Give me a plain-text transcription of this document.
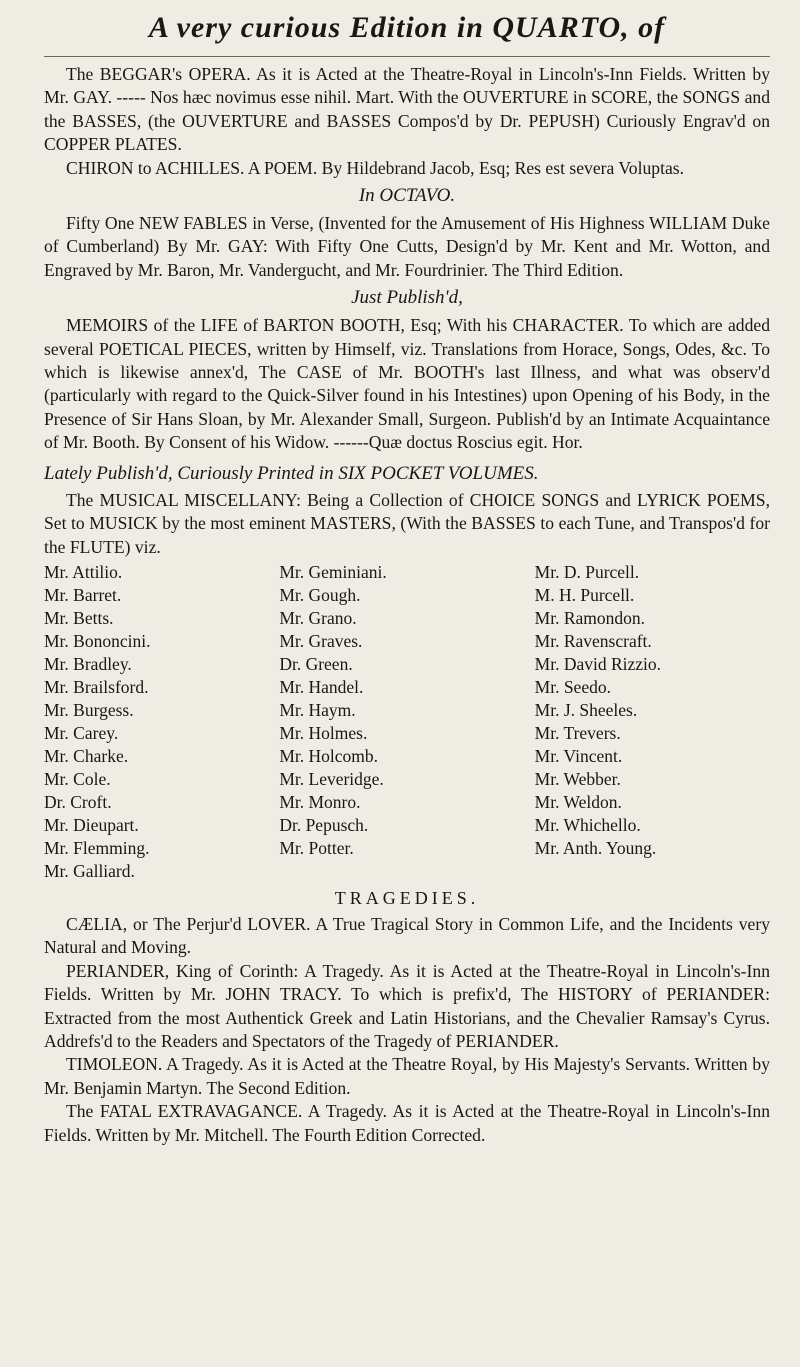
A very curious Edition in QUARTO, of

The BEGGAR's OPERA. As it is Acted at the Theatre-Royal in Lincoln's-Inn Fields. Written by Mr. GAY. ----- Nos hæc novimus esse nihil. Mart. With the OUVERTURE in SCORE, the SONGS and the BASSES, (the OUVERTURE and BASSES Compos'd by Dr. PEPUSH) Curiously Engrav'd on COPPER PLATES.

CHIRON to ACHILLES. A POEM. By Hildebrand Jacob, Esq; Res est severa Voluptas.

In OCTAVO.

Fifty One NEW FABLES in Verse, (Invented for the Amusement of His Highness WILLIAM Duke of Cumberland) By Mr. GAY: With Fifty One Cutts, Design'd by Mr. Kent and Mr. Wotton, and Engraved by Mr. Baron, Mr. Vandergucht, and Mr. Fourdrinier. The Third Edition.

Just Publish'd,

MEMOIRS of the LIFE of BARTON BOOTH, Esq; With his CHARACTER. To which are added several POETICAL PIECES, written by Himself, viz. Translations from Horace, Songs, Odes, &c. To which is likewise annex'd, The CASE of Mr. BOOTH's last Illness, and what was observ'd (particularly with regard to the Quick-Silver found in his Intestines) upon Opening of his Body, in the Presence of Sir Hans Sloan, by Mr. Alexander Small, Surgeon. Publish'd by an Intimate Acquaintance of Mr. Booth. By Consent of his Widow. ------Quæ doctus Roscius egit. Hor.

Lately Publish'd, Curiously Printed in SIX POCKET VOLUMES.

The MUSICAL MISCELLANY: Being a Collection of CHOICE SONGS and LYRICK POEMS, Set to MUSICK by the most eminent MASTERS, (With the BASSES to each Tune, and Transpos'd for the FLUTE) viz.

Mr. Attilio.
Mr. Barret.
Mr. Betts.
Mr. Bononcini.
Mr. Bradley.
Mr. Brailsford.
Mr. Burgess.
Mr. Carey.
Mr. Charke.
Mr. Cole.
Dr. Croft.
Mr. Dieupart.
Mr. Flemming.
Mr. Galliard.
Mr. Geminiani.
Mr. Gough.
Mr. Grano.
Mr. Graves.
Dr. Green.
Mr. Handel.
Mr. Haym.
Mr. Holmes.
Mr. Holcomb.
Mr. Leveridge.
Mr. Monro.
Dr. Pepusch.
Mr. Potter.
Mr. D. Purcell.
M. H. Purcell.
Mr. Ramondon.
Mr. Ravenscraft.
Mr. David Rizzio.
Mr. Seedo.
Mr. J. Sheeles.
Mr. Trevers.
Mr. Vincent.
Mr. Webber.
Mr. Weldon.
Mr. Whichello.
Mr. Anth. Young.
TRAGEDIES.

CÆLIA, or The Perjur'd LOVER. A True Tragical Story in Common Life, and the Incidents very Natural and Moving.

PERIANDER, King of Corinth: A Tragedy. As it is Acted at the Theatre-Royal in Lincoln's-Inn Fields. Written by Mr. JOHN TRACY. To which is prefix'd, The HISTORY of PERIANDER: Extracted from the most Authentick Greek and Latin Historians, and the Chevalier Ramsay's Cyrus. Addrefs'd to the Readers and Spectators of the Tragedy of PERIANDER.

TIMOLEON. A Tragedy. As it is Acted at the Theatre Royal, by His Majesty's Servants. Written by Mr. Benjamin Martyn. The Second Edition.

The FATAL EXTRAVAGANCE. A Tragedy. As it is Acted at the Theatre-Royal in Lincoln's-Inn Fields. Written by Mr. Mitchell. The Fourth Edition Corrected.
